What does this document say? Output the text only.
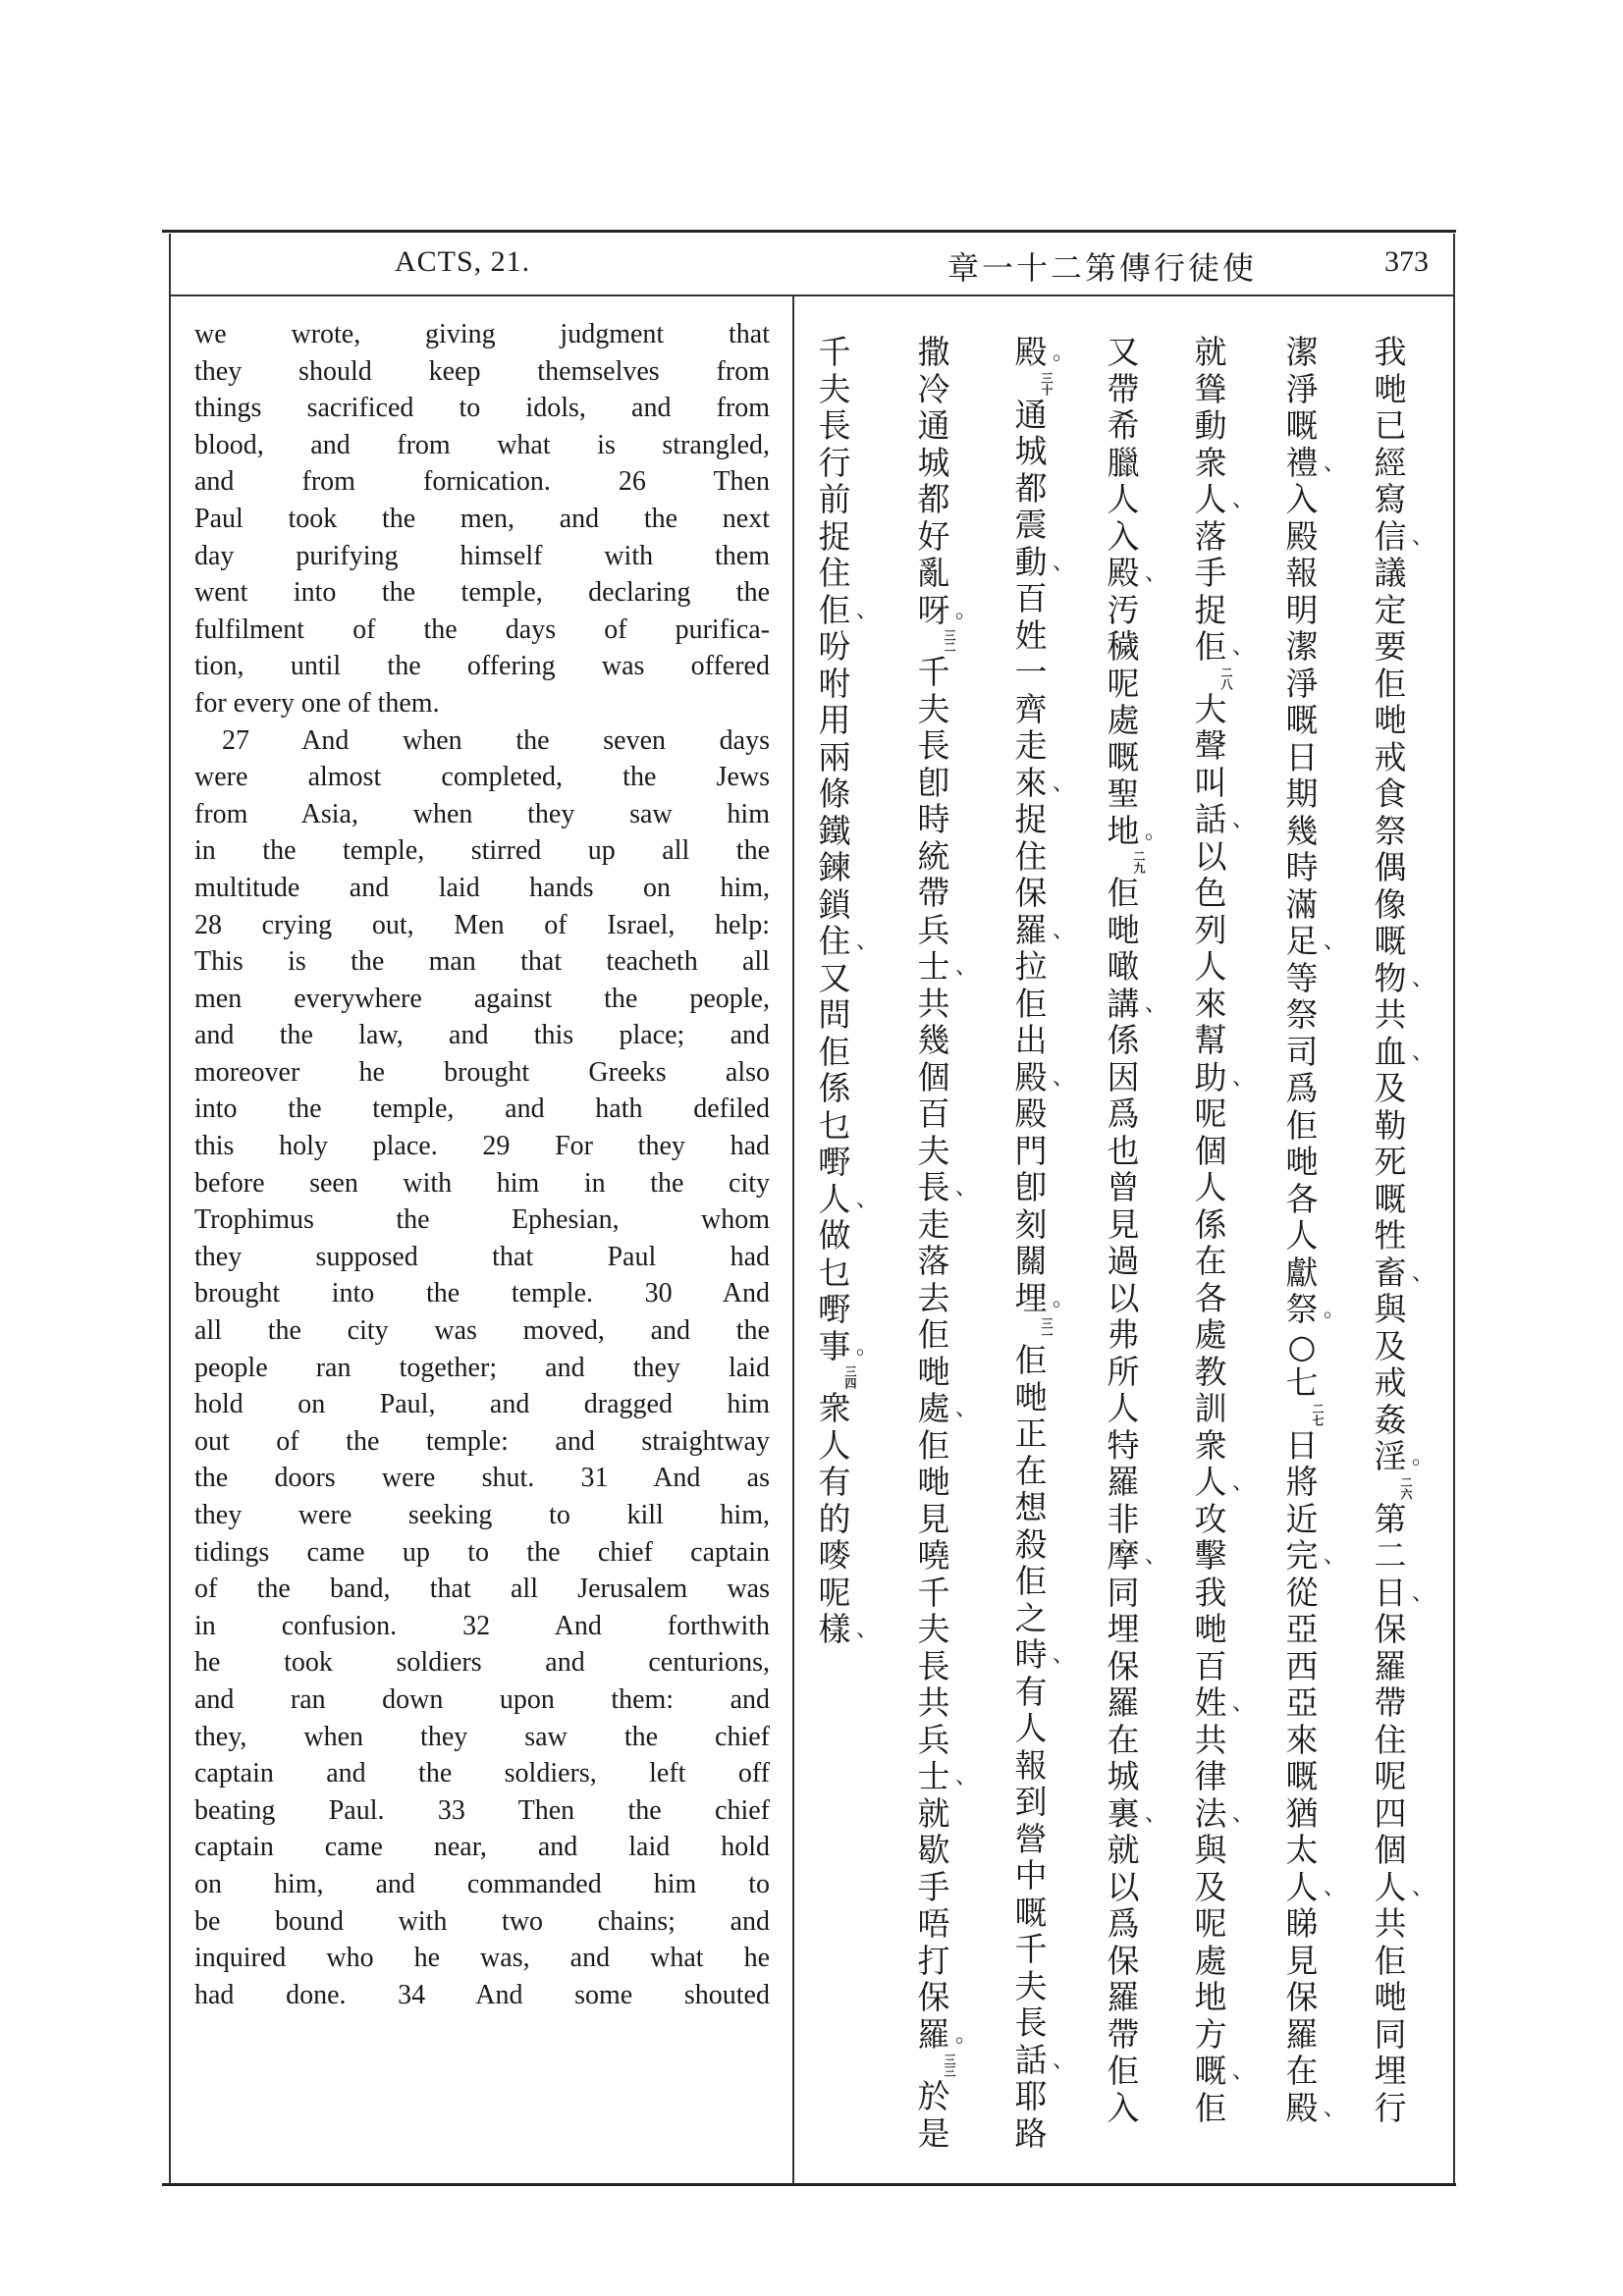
ACTS, 21.	使徒行傳第二十一章	373
we wrote, giving judgment that
they should keep themselves from
things sacrificed to idols, and from
blood, and from what is strangled,
and from fornication. 26 Then
Paul took the men, and the next
day purifying himself with them
went into the temple, declaring the
fulfilment of the days of purifica-
tion, until the offering was offered
for every one of them.
27 And when the seven days
were almost completed, the Jews
from Asia, when they saw him
in the temple, stirred up all the
multitude and laid hands on him,
28 crying out, Men of Israel, help:
This is the man that teacheth all
men everywhere against the people,
and the law, and this place; and
moreover he brought Greeks also
into the temple, and hath defiled
this holy place. 29 For they had
before seen with him in the city
Trophimus the Ephesian, whom
they supposed that Paul had
brought into the temple. 30 And
all the city was moved, and the
people ran together; and they laid
hold on Paul, and dragged him
out of the temple: and straightway
the doors were shut. 31 And as
they were seeking to kill him,
tidings came up to the chief captain
of the band, that all Jerusalem was
in confusion. 32 And forthwith
he took soldiers and centurions,
and ran down upon them: and
they, when they saw the chief
captain and the soldiers, left off
beating Paul. 33 Then the chief
captain came near, and laid hold
on him, and commanded him to
be bound with two chains; and
inquired who he was, and what he
had done. 34 And some shouted
我
哋
已
經
寫
信 、
議
定
要
佢
哋
戒
食
祭
偶
像
嘅
物 、
共
血 、
及
勒
死
嘅
牲
畜 、
與
及
戒
姦
淫 。
二六
第
二
日 、
保
羅
帶
住
呢
四
個
人 、
共
佢
哋
同
埋
行
潔
淨
嘅
禮 、
入
殿
報
明
潔
淨
嘅
日
期
幾
時
滿
足 、
等
祭
司
爲
佢
哋
各
人
獻
祭 。
○
七
二七
日
將
近
完 、
從
亞
西
亞
來
嘅
猶
太
人 、
睇
見
保
羅
在
殿 、
就
聳
動
衆
人 、
落
手
捉
佢 、
二八
大
聲
叫
話 、
以
色
列
人
來
幫
助 、
呢
個
人
係
在
各
處
教
訓
衆
人 、
攻
擊
我
哋
百
姓 、
共
律
法 、
與
及
呢
處
地
方
嘅 、
佢
又
帶
希
臘
人
入
殿 、
汚
穢
呢
處
嘅
聖
地 。
二九
佢
哋
噉
講 、
係
因
爲
也
曾
見
過
以
弗
所
人
特
羅
非
摩 、
同
埋
保
羅
在
城
裏 、
就
以
爲
保
羅
帶
佢
入
殿 。
三十
通
城
都
震
動 、
百
姓
一
齊
走
來 、
捉
住
保
羅 、
拉
佢
出
殿 、
殿
門
卽
刻
關
埋 。
三一
佢
哋
正
在
想
殺
佢
之
時 、
有
人
報
到
營
中
嘅
千
夫
長
話 、
耶
路
撒
冷
通
城
都
好
亂
呀 。
三二
千
夫
長
卽
時
統
帶
兵
士 、
共
幾
個
百
夫
長 、
走
落
去
佢
哋
處 、
佢
哋
見
嘵
千
夫
長
共
兵
士 、
就
歇
手
唔
打
保
羅 。
三三
於
是
千
夫
長
行
前
捉
住
佢 、
吩
咐
用
兩
條
鐵
鍊
鎖
住 、
又
問
佢
係
乜
嘢
人 、
做
乜
嘢
事 。
三四
衆
人
有
的
嘜
呢
樣 、
